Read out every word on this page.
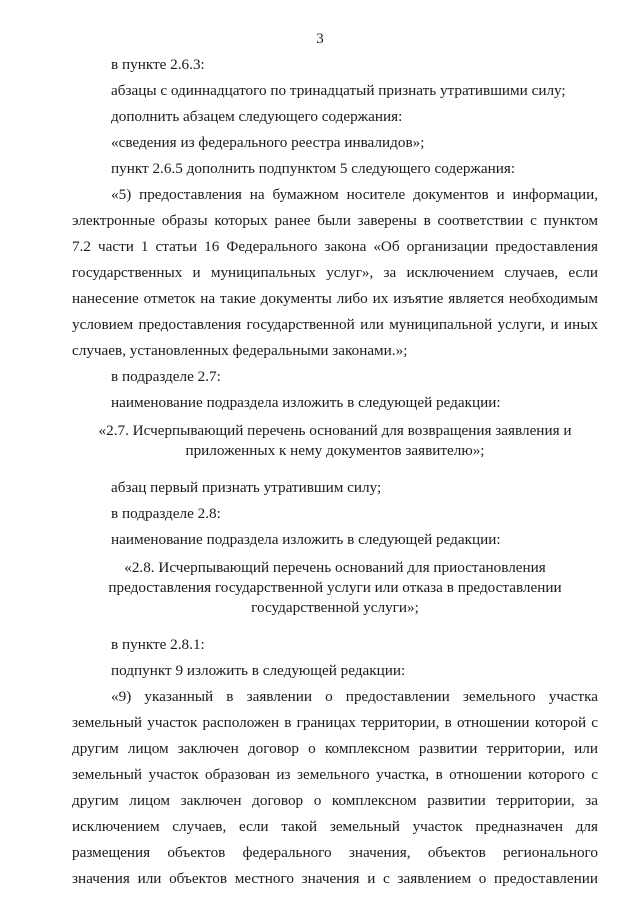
3
в пункте 2.6.3:
абзацы с одиннадцатого по тринадцатый признать утратившими силу;
дополнить абзацем следующего содержания:
«сведения из федерального реестра инвалидов»;
пункт 2.6.5 дополнить подпунктом 5 следующего содержания:
«5) предоставления на бумажном носителе документов и информации,
электронные образы которых ранее были заверены в соответствии с пунктом
7.2 части 1 статьи 16 Федерального закона «Об организации предоставления
государственных и муниципальных услуг», за исключением случаев, если
нанесение отметок на такие документы либо их изъятие является необходимым
условием предоставления государственной или муниципальной услуги, и иных
случаев, установленных федеральными законами.»;
в подразделе 2.7:
наименование подраздела изложить в следующей редакции:
«2.7. Исчерпывающий перечень оснований для возвращения заявления и
приложенных к нему документов заявителю»;
абзац первый признать утратившим силу;
в подразделе 2.8:
наименование подраздела изложить в следующей редакции:
«2.8. Исчерпывающий перечень оснований для приостановления
предоставления государственной услуги или отказа в предоставлении
государственной услуги»;
в пункте 2.8.1:
подпункт 9 изложить в следующей редакции:
«9) указанный в заявлении о предоставлении земельного участка
земельный участок расположен в границах территории, в отношении которой с
другим лицом заключен договор о комплексном развитии территории, или
земельный участок образован из земельного участка, в отношении которого с
другим лицом заключен договор о комплексном развитии территории, за
исключением случаев, если такой земельный участок предназначен для
размещения объектов федерального значения, объектов регионального
значения или объектов местного значения и с заявлением о предоставлении
